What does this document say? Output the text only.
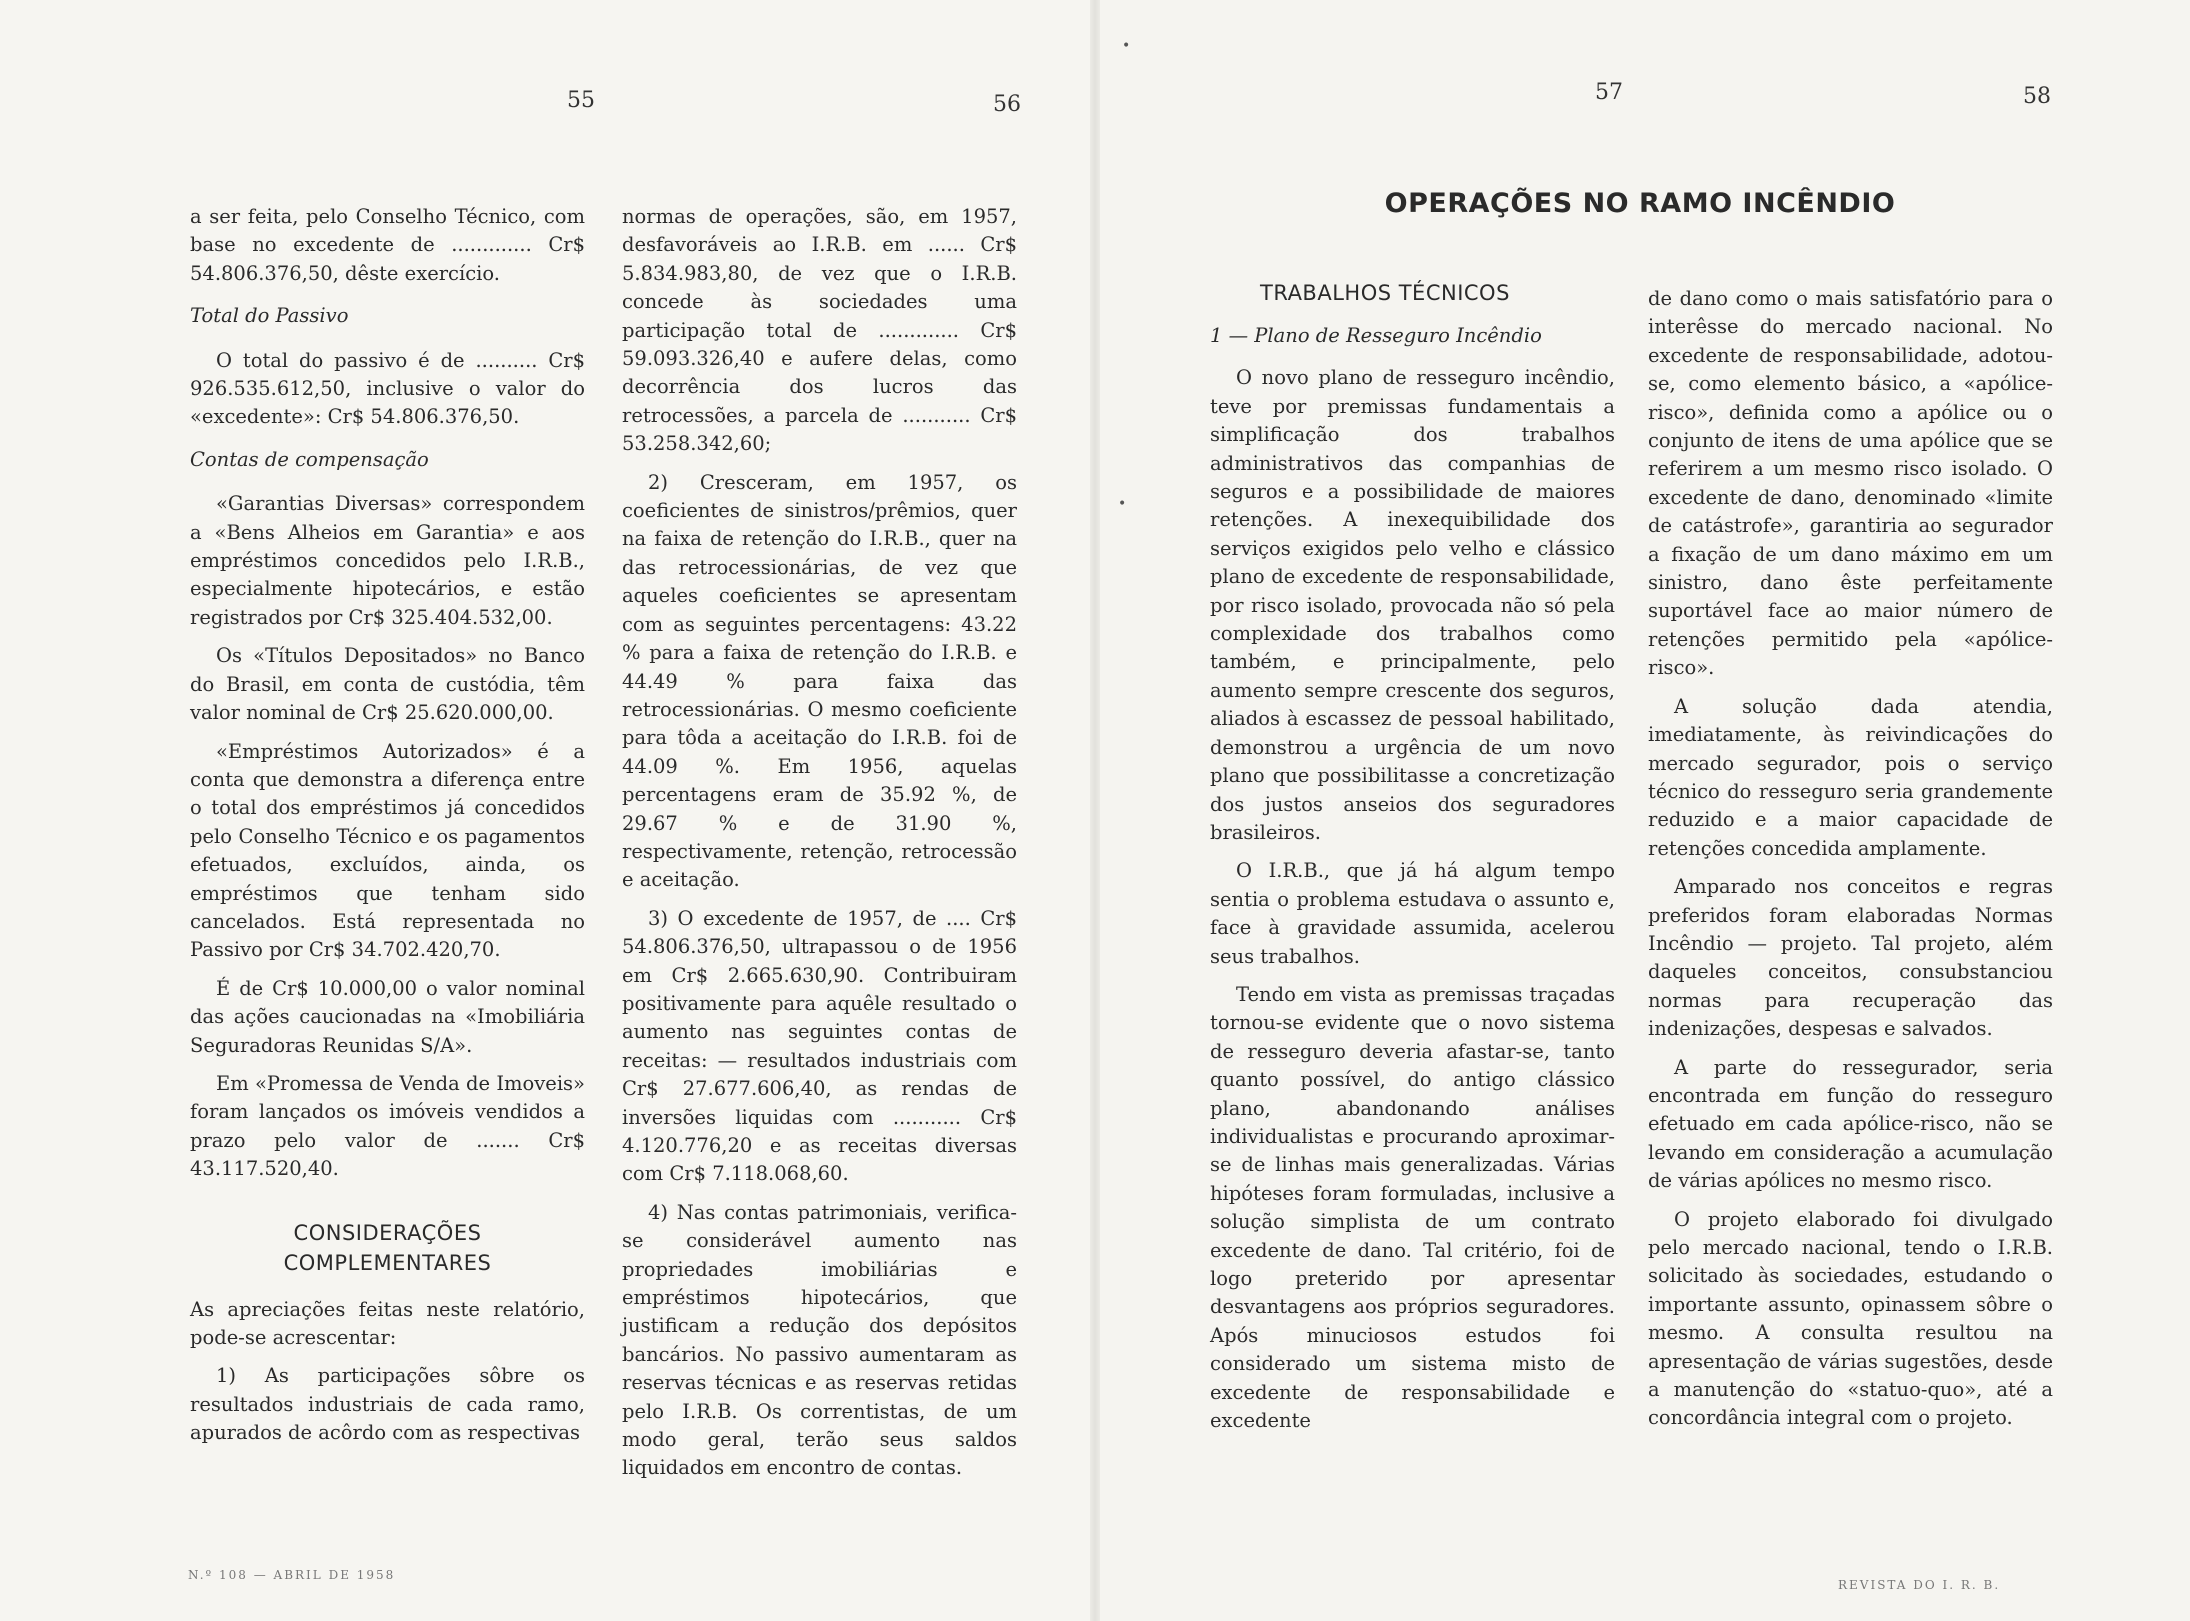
55	56	57	58

a ser feita, pelo Conselho Técnico, com base no excedente de ............. Cr$ 54.806.376,50, dêste exercício.

Total do Passivo

O total do passivo é de .......... Cr$ 926.535.612,50, inclusive o valor do «excedente»: Cr$ 54.806.376,50.

Contas de compensação

«Garantias Diversas» correspondem a «Bens Alheios em Garantia» e aos empréstimos concedidos pelo I.R.B., especialmente hipotecários, e estão registrados por Cr$ 325.404.532,00.

Os «Títulos Depositados» no Banco do Brasil, em conta de custódia, têm valor nominal de Cr$ 25.620.000,00.

«Empréstimos Autorizados» é a conta que demonstra a diferença entre o total dos empréstimos já concedidos pelo Conselho Técnico e os pagamentos efetuados, excluídos, ainda, os empréstimos que tenham sido cancelados. Está representada no Passivo por Cr$ 34.702.420,70.

É de Cr$ 10.000,00 o valor nominal das ações caucionadas na «Imobiliária Seguradoras Reunidas S/A».

Em «Promessa de Venda de Imoveis» foram lançados os imóveis vendidos a prazo pelo valor de ....... Cr$ 43.117.520,40.

CONSIDERAÇÕES
COMPLEMENTARES

As apreciações feitas neste relatório, pode-se acrescentar:

1) As participações sôbre os resultados industriais de cada ramo, apurados de acôrdo com as respectivas

normas de operações, são, em 1957, desfavoráveis ao I.R.B. em ...... Cr$ 5.834.983,80, de vez que o I.R.B. concede às sociedades uma participação total de ............. Cr$ 59.093.326,40 e aufere delas, como decorrência dos lucros das retrocessões, a parcela de ........... Cr$ 53.258.342,60;

2) Cresceram, em 1957, os coeficientes de sinistros/prêmios, quer na faixa de retenção do I.R.B., quer na das retrocessionárias, de vez que aqueles coeficientes se apresentam com as seguintes percentagens: 43.22 % para a faixa de retenção do I.R.B. e 44.49 % para faixa das retrocessionárias. O mesmo coeficiente para tôda a aceitação do I.R.B. foi de 44.09 %. Em 1956, aquelas percentagens eram de 35.92 %, de 29.67 % e de 31.90 %, respectivamente, retenção, retrocessão e aceitação.

3) O excedente de 1957, de .... Cr$ 54.806.376,50, ultrapassou o de 1956 em Cr$ 2.665.630,90. Contribuiram positivamente para aquêle resultado o aumento nas seguintes contas de receitas: — resultados industriais com Cr$ 27.677.606,40, as rendas de inversões liquidas com ........... Cr$ 4.120.776,20 e as receitas diversas com Cr$ 7.118.068,60.

4) Nas contas patrimoniais, verifica-se considerável aumento nas propriedades imobiliárias e empréstimos hipotecários, que justificam a redução dos depósitos bancários. No passivo aumentaram as reservas técnicas e as reservas retidas pelo I.R.B. Os correntistas, de um modo geral, terão seus saldos liquidados em encontro de contas.

OPERAÇÕES NO RAMO INCÊNDIO

TRABALHOS TÉCNICOS

1 — Plano de Resseguro Incêndio

O novo plano de resseguro incêndio, teve por premissas fundamentais a simplificação dos trabalhos administrativos das companhias de seguros e a possibilidade de maiores retenções. A inexequibilidade dos serviços exigidos pelo velho e clássico plano de excedente de responsabilidade, por risco isolado, provocada não só pela complexidade dos trabalhos como também, e principalmente, pelo aumento sempre crescente dos seguros, aliados à escassez de pessoal habilitado, demonstrou a urgência de um novo plano que possibilitasse a concretização dos justos anseios dos seguradores brasileiros.

O I.R.B., que já há algum tempo sentia o problema estudava o assunto e, face à gravidade assumida, acelerou seus trabalhos.

Tendo em vista as premissas traçadas tornou-se evidente que o novo sistema de resseguro deveria afastar-se, tanto quanto possível, do antigo clássico plano, abandonando análises individualistas e procurando aproximar-se de linhas mais generalizadas. Várias hipóteses foram formuladas, inclusive a solução simplista de um contrato excedente de dano. Tal critério, foi de logo preterido por apresentar desvantagens aos próprios seguradores. Após minuciosos estudos foi considerado um sistema misto de excedente de responsabilidade e excedente

de dano como o mais satisfatório para o interêsse do mercado nacional. No excedente de responsabilidade, adotou-se, como elemento básico, a «apólice-risco», definida como a apólice ou o conjunto de itens de uma apólice que se referirem a um mesmo risco isolado. O excedente de dano, denominado «limite de catástrofe», garantiria ao segurador a fixação de um dano máximo em um sinistro, dano êste perfeitamente suportável face ao maior número de retenções permitido pela «apólice-risco».

A solução dada atendia, imediatamente, às reivindicações do mercado segurador, pois o serviço técnico do resseguro seria grandemente reduzido e a maior capacidade de retenções concedida amplamente.

Amparado nos conceitos e regras preferidos foram elaboradas Normas Incêndio — projeto. Tal projeto, além daqueles conceitos, consubstanciou normas para recuperação das indenizações, despesas e salvados.

A parte do ressegurador, seria encontrada em função do resseguro efetuado em cada apólice-risco, não se levando em consideração a acumulação de várias apólices no mesmo risco.

O projeto elaborado foi divulgado pelo mercado nacional, tendo o I.R.B. solicitado às sociedades, estudando o importante assunto, opinassem sôbre o mesmo. A consulta resultou na apresentação de várias sugestões, desde a manutenção do «statuo-quo», até a concordância integral com o projeto.

N.º 108 — ABRIL DE 1958
REVISTA DO I. R. B.
•
•
